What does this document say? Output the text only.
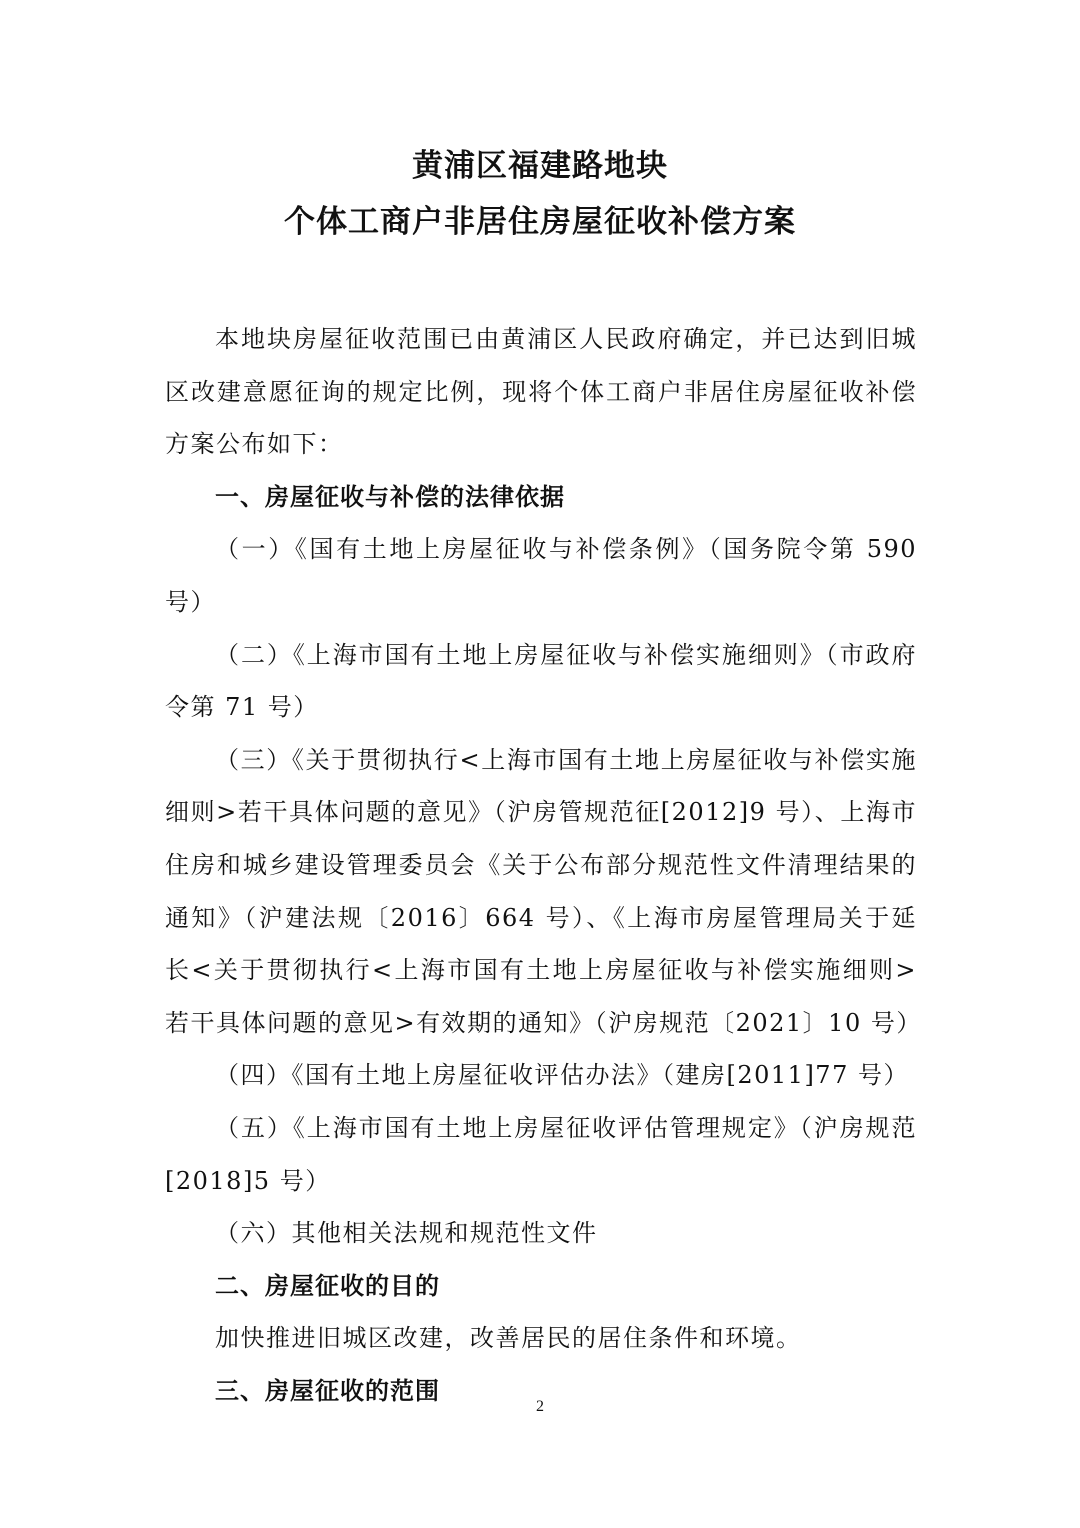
黄浦区福建路地块
个体工商户非居住房屋征收补偿方案

本地块房屋征收范围已由黄浦区人民政府确定，并已达到旧城区改建意愿征询的规定比例，现将个体工商户非居住房屋征收补偿方案公布如下：

一、房屋征收与补偿的法律依据

（一）《国有土地上房屋征收与补偿条例》（国务院令第 590 号）

（二）《上海市国有土地上房屋征收与补偿实施细则》（市政府令第 71 号）

（三）《关于贯彻执行<上海市国有土地上房屋征收与补偿实施细则>若干具体问题的意见》（沪房管规范征[2012]9 号）、上海市住房和城乡建设管理委员会《关于公布部分规范性文件清理结果的通知》（沪建法规〔2016〕664 号）、《上海市房屋管理局关于延长<关于贯彻执行<上海市国有土地上房屋征收与补偿实施细则>若干具体问题的意见>有效期的通知》（沪房规范〔2021〕10 号）

（四）《国有土地上房屋征收评估办法》（建房[2011]77 号）

（五）《上海市国有土地上房屋征收评估管理规定》（沪房规范[2018]5 号）

（六）其他相关法规和规范性文件

二、房屋征收的目的

加快推进旧城区改建，改善居民的居住条件和环境。

三、房屋征收的范围

2
